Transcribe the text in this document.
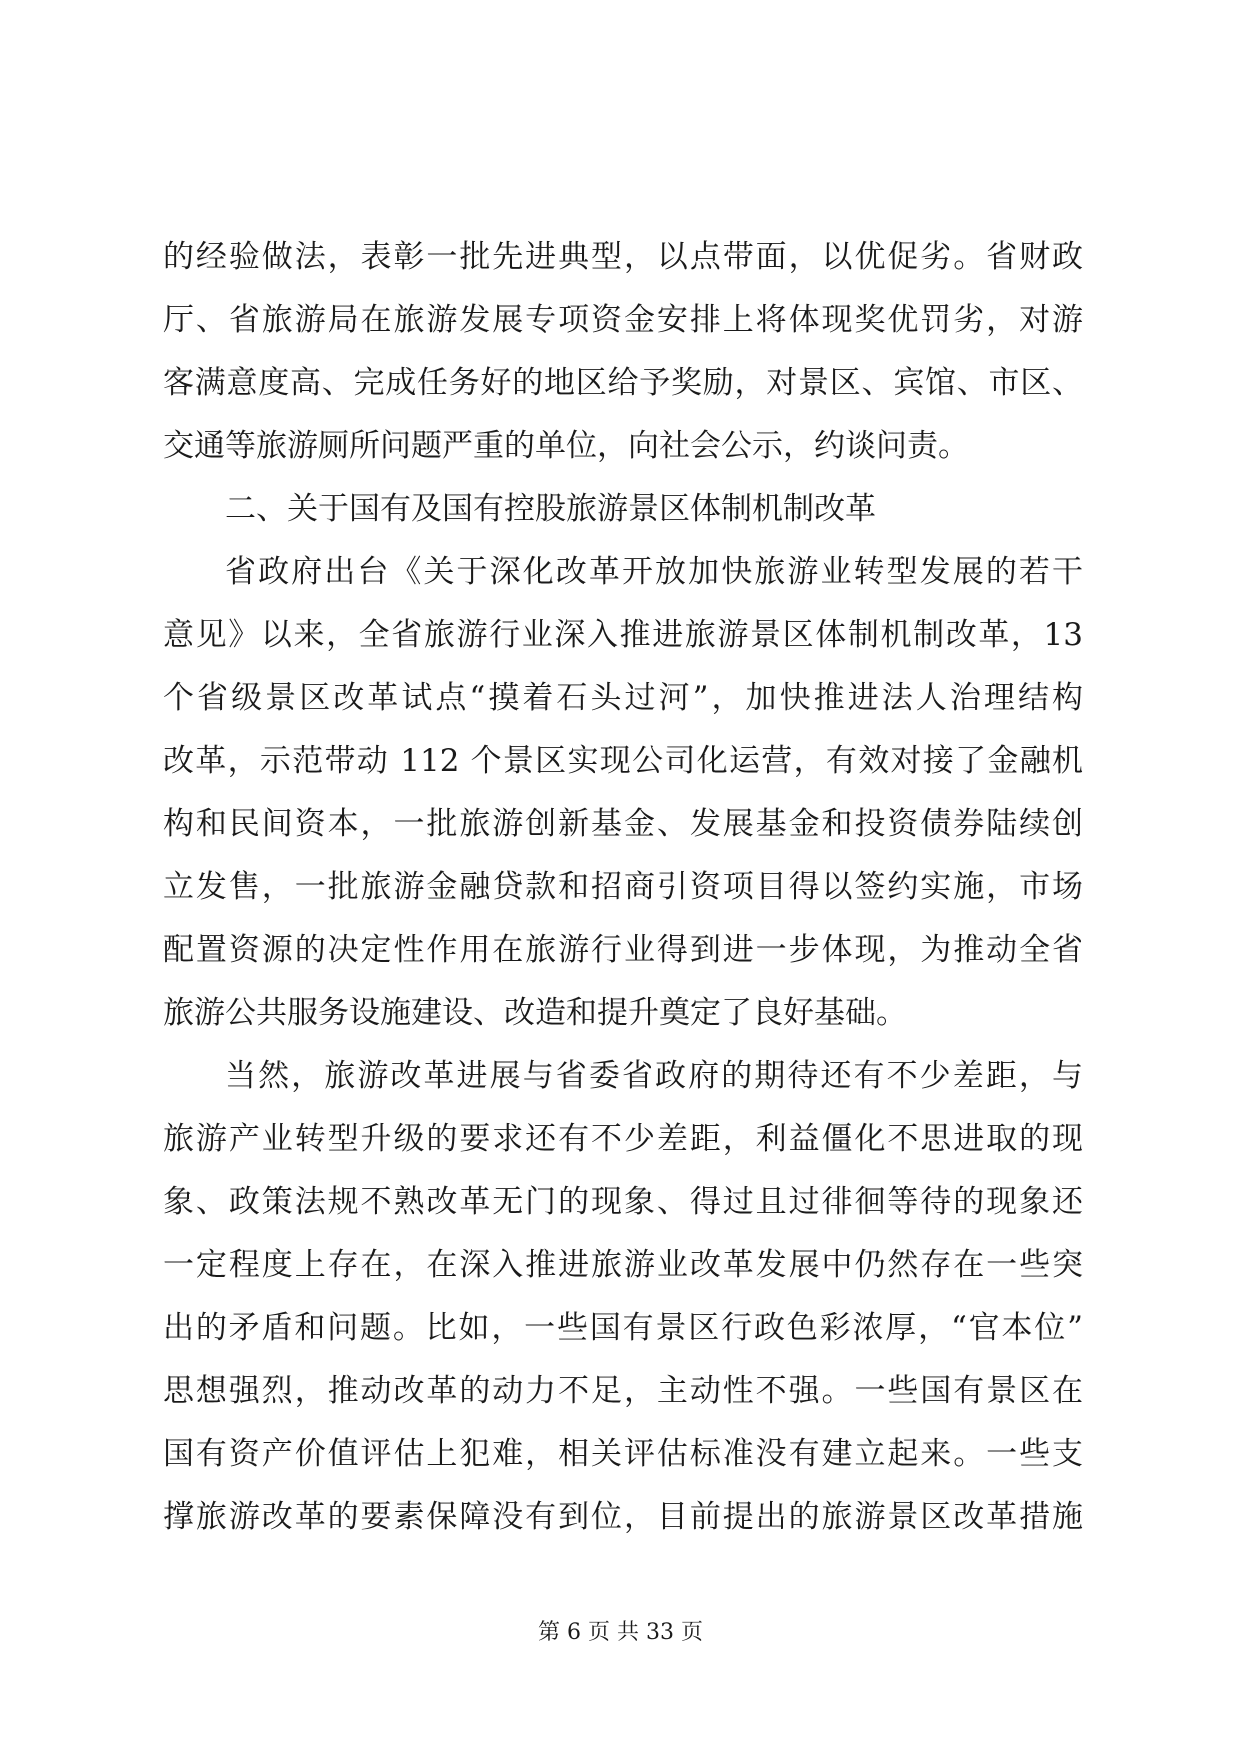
的经验做法，表彰一批先进典型，以点带面，以优促劣。省财政
厅、省旅游局在旅游发展专项资金安排上将体现奖优罚劣，对游
客满意度高、完成任务好的地区给予奖励，对景区、宾馆、市区、
交通等旅游厕所问题严重的单位，向社会公示，约谈问责。
二、关于国有及国有控股旅游景区体制机制改革
省政府出台《关于深化改革开放加快旅游业转型发展的若干
意见》以来，全省旅游行业深入推进旅游景区体制机制改革，13
个省级景区改革试点“摸着石头过河”，加快推进法人治理结构
改革，示范带动 112 个景区实现公司化运营，有效对接了金融机
构和民间资本，一批旅游创新基金、发展基金和投资债券陆续创
立发售，一批旅游金融贷款和招商引资项目得以签约实施，市场
配置资源的决定性作用在旅游行业得到进一步体现，为推动全省
旅游公共服务设施建设、改造和提升奠定了良好基础。
当然，旅游改革进展与省委省政府的期待还有不少差距，与
旅游产业转型升级的要求还有不少差距，利益僵化不思进取的现
象、政策法规不熟改革无门的现象、得过且过徘徊等待的现象还
一定程度上存在，在深入推进旅游业改革发展中仍然存在一些突
出的矛盾和问题。比如，一些国有景区行政色彩浓厚，“官本位”
思想强烈，推动改革的动力不足，主动性不强。一些国有景区在
国有资产价值评估上犯难，相关评估标准没有建立起来。一些支
撑旅游改革的要素保障没有到位，目前提出的旅游景区改革措施
第 6 页 共 33 页
